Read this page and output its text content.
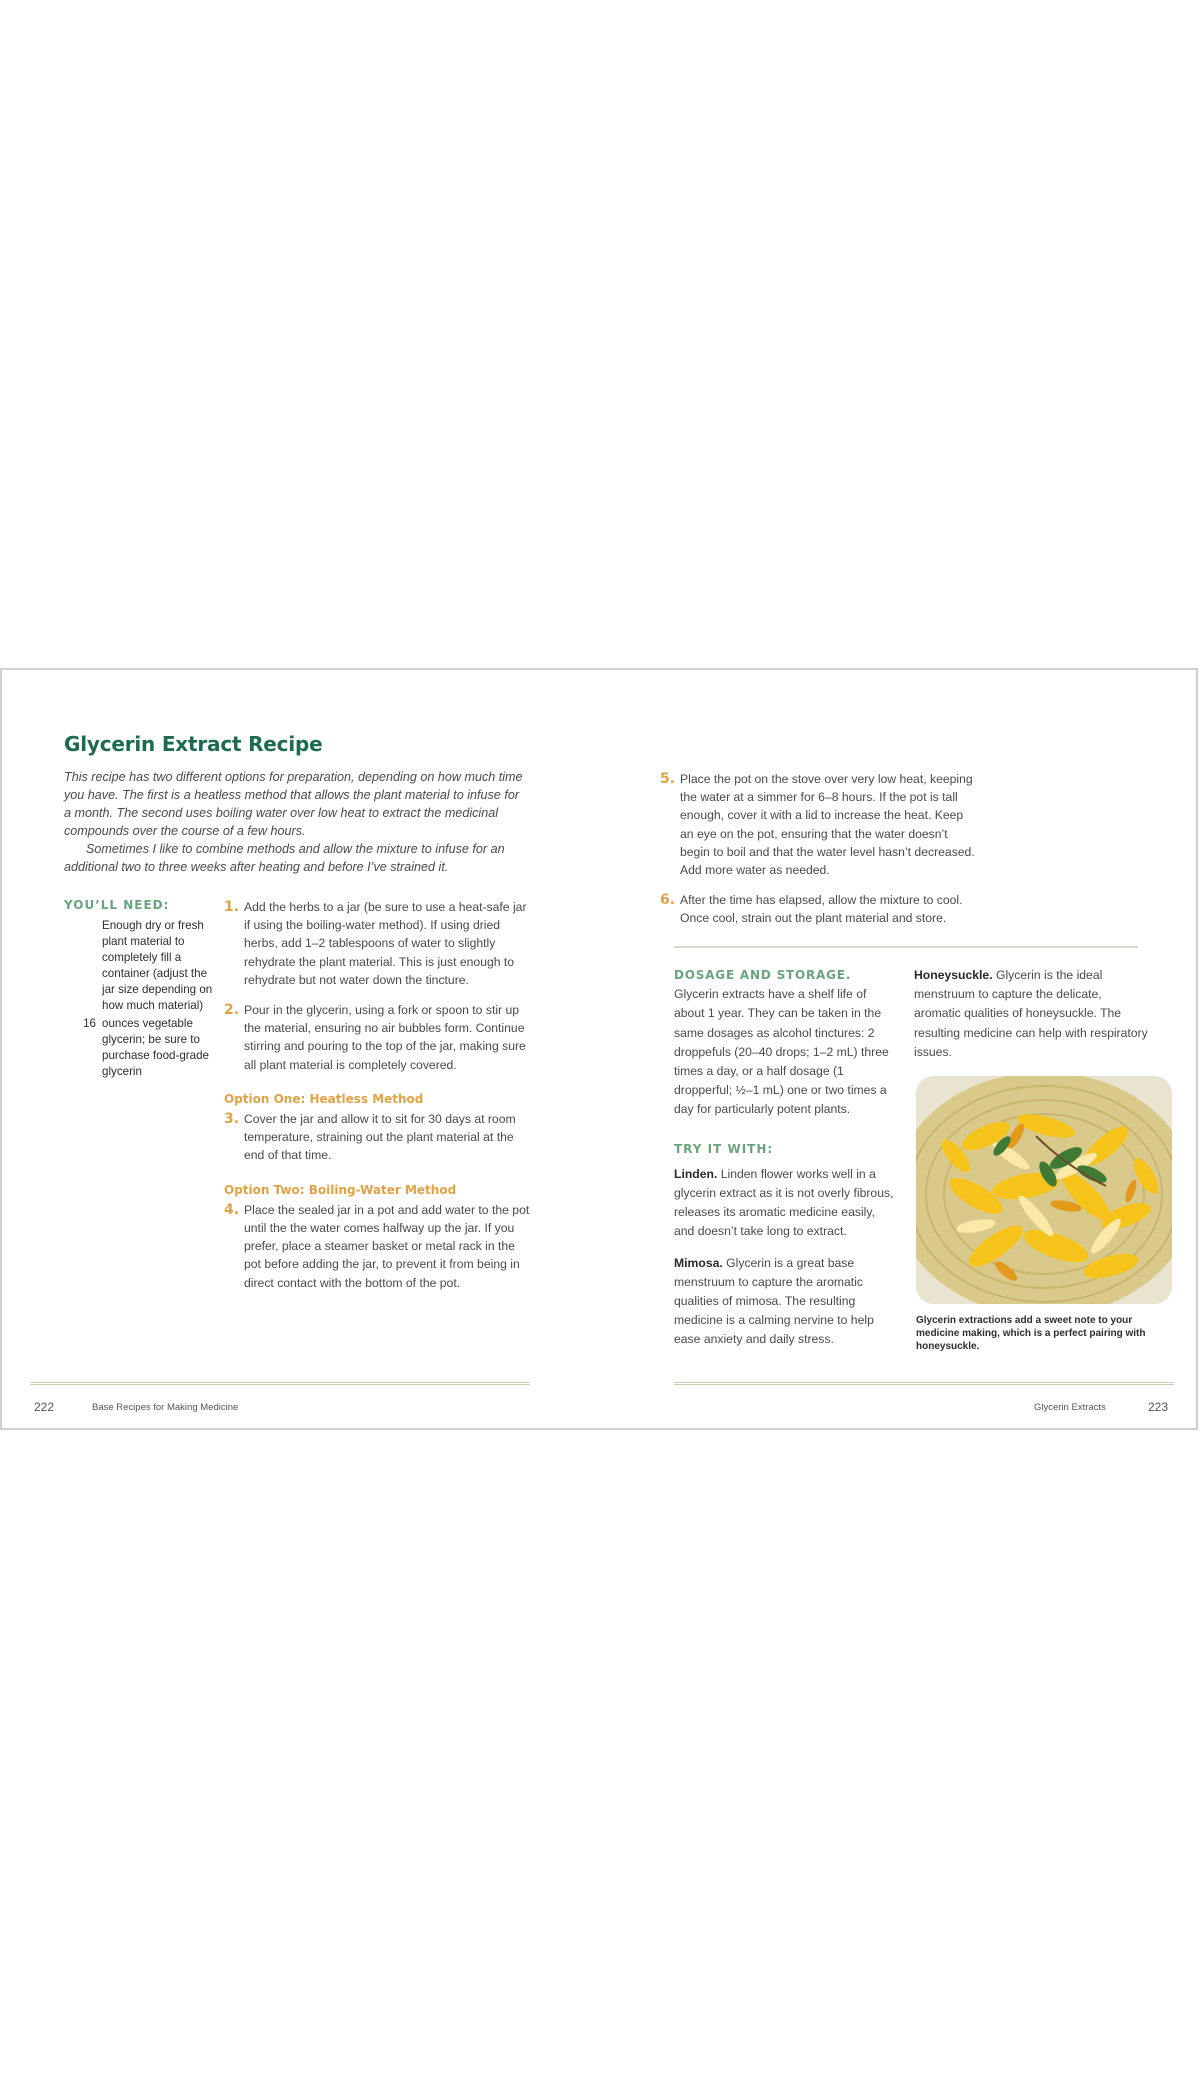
Glycerin Extract Recipe

This recipe has two different options for preparation, depending on how much time you have. The first is a heatless method that allows the plant material to infuse for a month. The second uses boiling water over low heat to extract the medicinal compounds over the course of a few hours.

Sometimes I like to combine methods and allow the mixture to infuse for an additional two to three weeks after heating and before I’ve strained it.

YOU’LL NEED:
Enough dry or fresh plant material to completely fill a container (adjust the jar size depending on how much material)
16 ounces vegetable glycerin; be sure to purchase food-grade glycerin
1. Add the herbs to a jar (be sure to use a heat-safe jar if using the boiling-water method). If using dried herbs, add 1–2 tablespoons of water to slightly rehydrate the plant material. This is just enough to rehydrate but not water down the tincture.
2. Pour in the glycerin, using a fork or spoon to stir up the material, ensuring no air bubbles form. Continue stirring and pouring to the top of the jar, making sure all plant material is completely covered.
Option One: Heatless Method
3. Cover the jar and allow it to sit for 30 days at room temperature, straining out the plant material at the end of that time.
Option Two: Boiling-Water Method
4. Place the sealed jar in a pot and add water to the pot until the the water comes halfway up the jar. If you prefer, place a steamer basket or metal rack in the pot before adding the jar, to prevent it from being in direct contact with the bottom of the pot.
222	Base Recipes for Making Medicine
5. Place the pot on the stove over very low heat, keeping the water at a simmer for 6–8 hours. If the pot is tall enough, cover it with a lid to increase the heat. Keep an eye on the pot, ensuring that the water doesn’t begin to boil and that the water level hasn’t decreased. Add more water as needed.
6. After the time has elapsed, allow the mixture to cool. Once cool, strain out the plant material and store.

DOSAGE AND STORAGE. Glycerin extracts have a shelf life of about 1 year. They can be taken in the same dosages as alcohol tinctures: 2 droppefuls (20–40 drops; 1–2 mL) three times a day, or a half dosage (1 dropperful; ½–1 mL) one or two times a day for particularly potent plants.

TRY IT WITH:

Linden. Linden flower works well in a glycerin extract as it is not overly fibrous, releases its aromatic medicine easily, and doesn’t take long to extract.

Mimosa. Glycerin is a great base menstruum to capture the aromatic qualities of mimosa. The resulting medicine is a calming nervine to help ease anxiety and daily stress.

Honeysuckle. Glycerin is the ideal menstruum to capture the delicate, aromatic qualities of honeysuckle. The resulting medicine can help with respiratory issues.

Glycerin extractions add a sweet note to your medicine making, which is a perfect pairing with honeysuckle.
Glycerin Extracts	223
